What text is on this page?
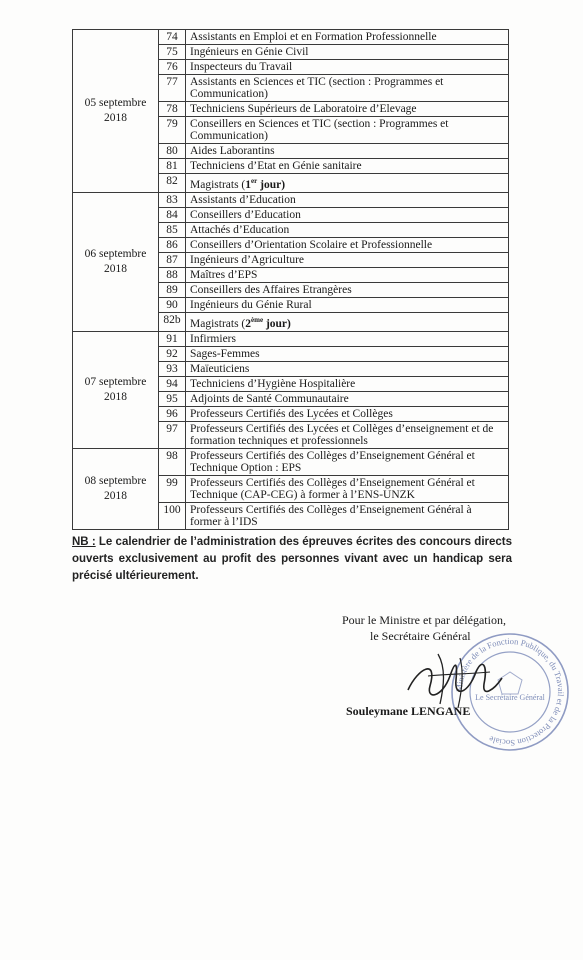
05 septembre 2018	74	Assistants en Emploi et en Formation Professionnelle
	75	Ingénieurs en Génie Civil
	76	Inspecteurs du Travail
	77	Assistants en Sciences et TIC (section : Programmes et Communication)
	78	Techniciens Supérieurs de Laboratoire d’Elevage
	79	Conseillers en Sciences et TIC (section : Programmes et Communication)
	80	Aides Laborantins
	81	Techniciens d’Etat en Génie sanitaire
	82	Magistrats (1er jour)
06 septembre 2018	83	Assistants d’Education
	84	Conseillers d’Education
	85	Attachés d’Education
	86	Conseillers d’Orientation Scolaire et Professionnelle
	87	Ingénieurs d’Agriculture
	88	Maîtres d’EPS
	89	Conseillers des Affaires Etrangères
	90	Ingénieurs du Génie Rural
	82b	Magistrats (2ème jour)
07 septembre 2018	91	Infirmiers
	92	Sages-Femmes
	93	Maïeuticiens
	94	Techniciens d’Hygiène Hospitalière
	95	Adjoints de Santé Communautaire
	96	Professeurs Certifiés des Lycées et Collèges
	97	Professeurs Certifiés des Lycées et Collèges d’enseignement et de formation techniques et professionnels
08 septembre 2018	98	Professeurs Certifiés des Collèges d’Enseignement Général et Technique Option : EPS
	99	Professeurs Certifiés des Collèges d’Enseignement Général et Technique (CAP-CEG) à former à l’ENS-UNZK
	100	Professeurs Certifiés des Collèges d’Enseignement Général à former à l’IDS
NB : Le calendrier de l’administration des épreuves écrites des concours directs ouverts exclusivement au profit des personnes vivant avec un handicap sera précisé ultérieurement.
Pour le Ministre et par délégation,
le Secrétaire Général
Ministère de la Fonction Publique, du Travail et de la Protection Sociale
Le Secrétaire Général
Souleymane LENGANE
